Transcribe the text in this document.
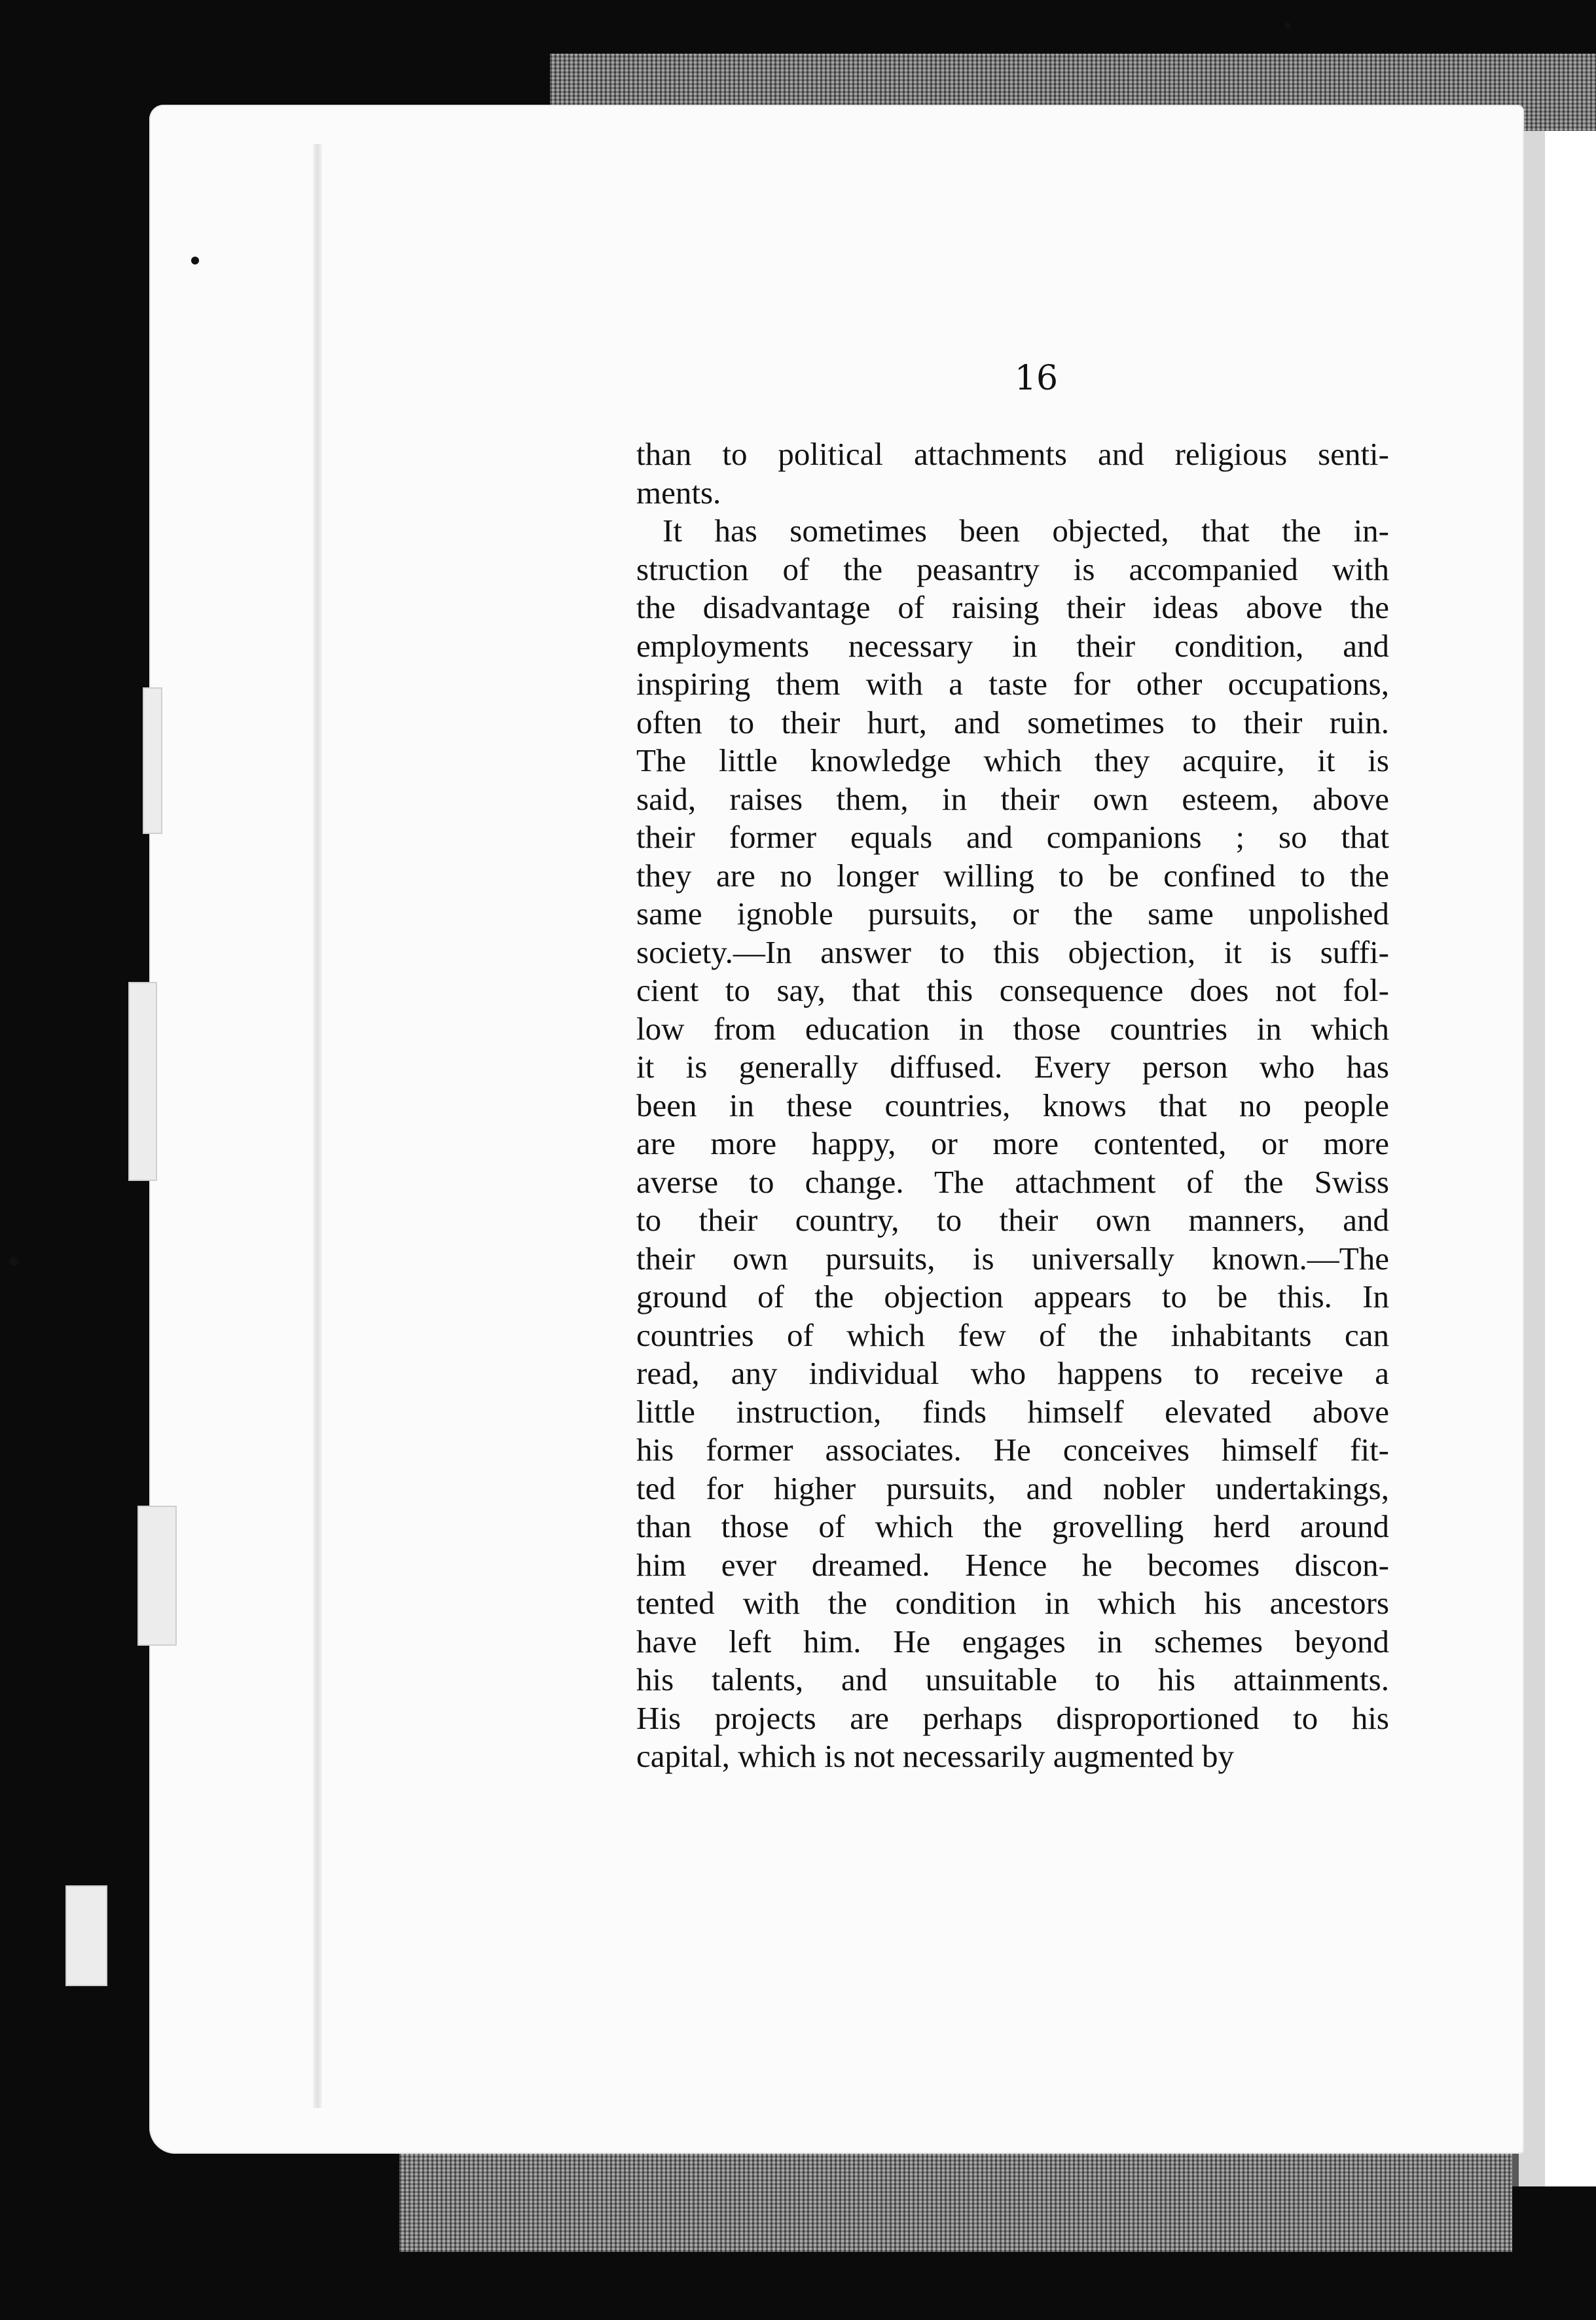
16
than to political attachments and religious senti-
ments.
It has sometimes been objected, that the in-
struction of the peasantry is accompanied with
the disadvantage of raising their ideas above the
employments necessary in their condition, and
inspiring them with a taste for other occupations,
often to their hurt, and sometimes to their ruin.
The little knowledge which they acquire, it is
said, raises them, in their own esteem, above
their former equals and companions ; so that
they are no longer willing to be confined to the
same ignoble pursuits, or the same unpolished
society.—In answer to this objection, it is suffi-
cient to say, that this consequence does not fol-
low from education in those countries in which
it is generally diffused. Every person who has
been in these countries, knows that no people
are more happy, or more contented, or more
averse to change. The attachment of the Swiss
to their country, to their own manners, and
their own pursuits, is universally known.—The
ground of the objection appears to be this. In
countries of which few of the inhabitants can
read, any individual who happens to receive a
little instruction, finds himself elevated above
his former associates. He conceives himself fit-
ted for higher pursuits, and nobler undertakings,
than those of which the grovelling herd around
him ever dreamed. Hence he becomes discon-
tented with the condition in which his ancestors
have left him. He engages in schemes beyond
his talents, and unsuitable to his attainments.
His projects are perhaps disproportioned to his
capital, which is not necessarily augmented by
